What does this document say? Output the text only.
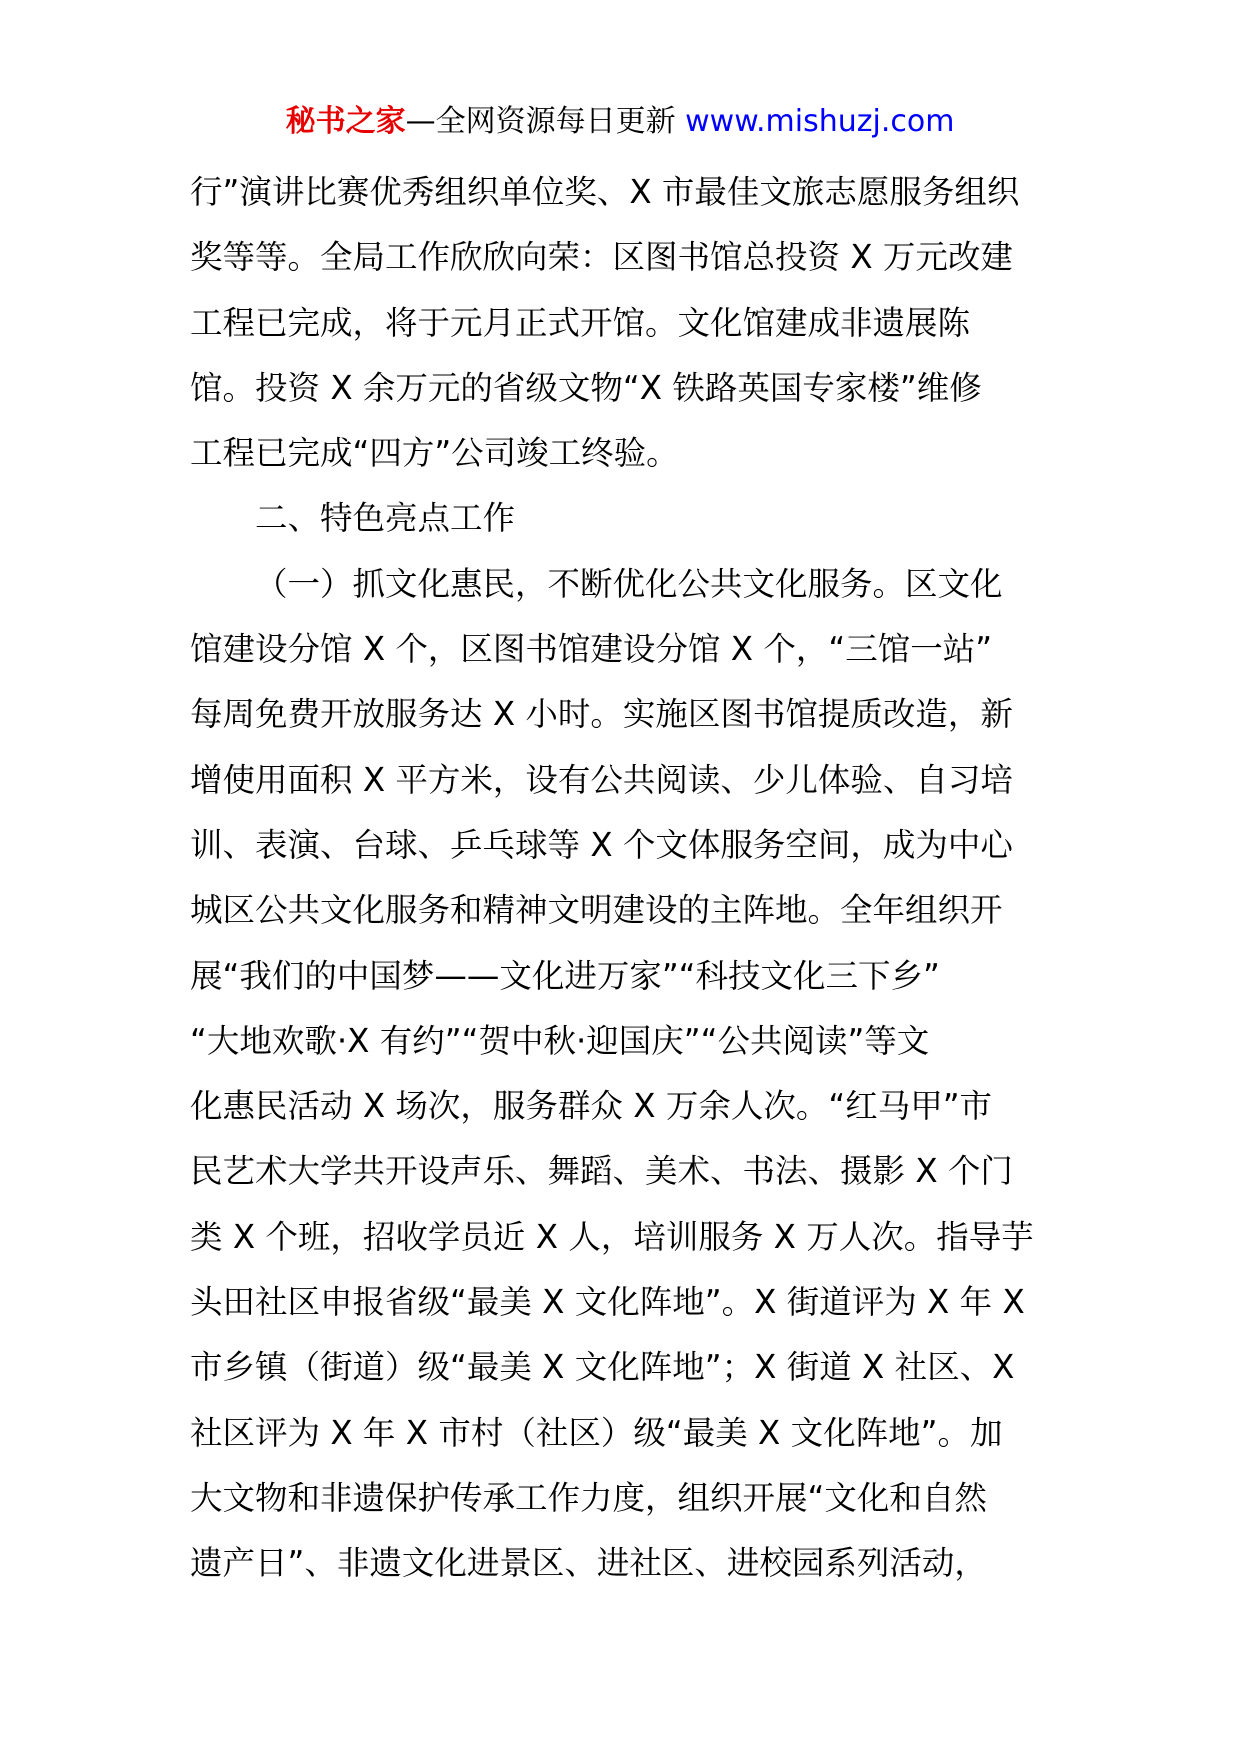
秘书之家—全网资源每日更新 www.mishuzj.com
行”演讲比赛优秀组织单位奖、X 市最佳文旅志愿服务组织
奖等等。全局工作欣欣向荣：区图书馆总投资 X 万元改建
工程已完成，将于元月正式开馆。文化馆建成非遗展陈
馆。投资 X 余万元的省级文物“X 铁路英国专家楼”维修
工程已完成“四方”公司竣工终验。
二、特色亮点工作
（一）抓文化惠民，不断优化公共文化服务。区文化
馆建设分馆 X 个，区图书馆建设分馆 X 个，“三馆一站”
每周免费开放服务达 X 小时。实施区图书馆提质改造，新
增使用面积 X 平方米，设有公共阅读、少儿体验、自习培
训、表演、台球、乒乓球等 X 个文体服务空间，成为中心
城区公共文化服务和精神文明建设的主阵地。全年组织开
展“我们的中国梦——文化进万家”“科技文化三下乡”
“大地欢歌·X 有约”“贺中秋·迎国庆”“公共阅读”等文
化惠民活动 X 场次，服务群众 X 万余人次。“红马甲”市
民艺术大学共开设声乐、舞蹈、美术、书法、摄影 X 个门
类 X 个班，招收学员近 X 人，培训服务 X 万人次。指导芋
头田社区申报省级“最美 X 文化阵地”。X 街道评为 X 年 X
市乡镇（街道）级“最美 X 文化阵地”；X 街道 X 社区、X
社区评为 X 年 X 市村（社区）级“最美 X 文化阵地”。加
大文物和非遗保护传承工作力度，组织开展“文化和自然
遗产日”、非遗文化进景区、进社区、进校园系列活动，
